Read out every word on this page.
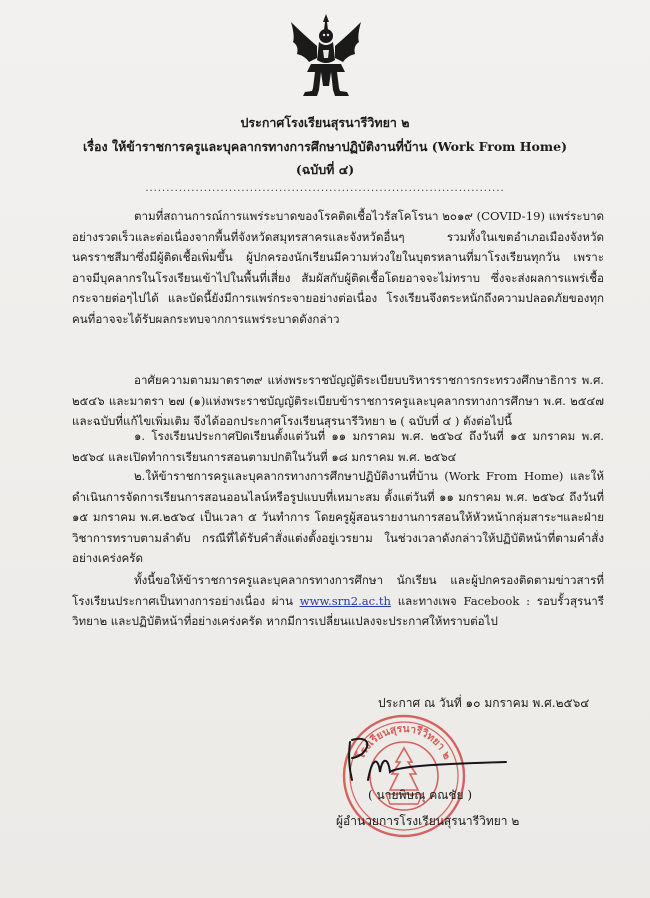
ประกาศโรงเรียนสุรนารีวิทยา ๒
เรื่อง ให้ข้าราชการครูและบุคลากรทางการศึกษาปฏิบัติงานที่บ้าน (Work From Home)
(ฉบับที่ ๔)
......................................................................................
ตามที่สถานการณ์การแพร่ระบาดของโรคติดเชื้อไวรัสโคโรนา ๒๐๑๙ (COVID-19) แพร่ระบาดอย่างรวดเร็วและต่อเนื่องจากพื้นที่จังหวัดสมุทรสาครและจังหวัดอื่นๆ รวมทั้งในเขตอำเภอเมืองจังหวัดนครราชสีมาซึ่งมีผู้ติดเชื้อเพิ่มขึ้น ผู้ปกครองนักเรียนมีความห่วงใยในบุตรหลานที่มาโรงเรียนทุกวัน เพราะอาจมีบุคลากรในโรงเรียนเข้าไปในพื้นที่เสี่ยง สัมผัสกับผู้ติดเชื้อโดยอาจจะไม่ทราบ ซึ่งจะส่งผลการแพร่เชื้อกระจายต่อๆไปได้ และบัดนี้ยังมีการแพร่กระจายอย่างต่อเนื่อง โรงเรียนจึงตระหนักถึงความปลอดภัยของทุกคนที่อาจจะได้รับผลกระทบจากการแพร่ระบาดดังกล่าว
อาศัยความตามมาตรา๓๙ แห่งพระราชบัญญัติระเบียบบริหารราชการกระทรวงศึกษาธิการ พ.ศ. ๒๕๔๖ และมาตรา ๒๗ (๑)แห่งพระราชบัญญัติระเบียบข้าราชการครูและบุคลากรทางการศึกษา พ.ศ. ๒๕๔๗ และฉบับที่แก้ไขเพิ่มเติม จึงได้ออกประกาศโรงเรียนสุรนารีวิทยา ๒ ( ฉบับที่ ๔ ) ดังต่อไปนี้
๑. โรงเรียนประกาศปิดเรียนตั้งแต่วันที่ ๑๑ มกราคม พ.ศ. ๒๕๖๔ ถึงวันที่ ๑๕ มกราคม พ.ศ. ๒๕๖๔ และเปิดทำการเรียนการสอนตามปกติในวันที่ ๑๘ มกราคม พ.ศ. ๒๕๖๔
๒.ให้ข้าราชการครูและบุคลากรทางการศึกษาปฏิบัติงานที่บ้าน (Work From Home) และให้ดำเนินการจัดการเรียนการสอนออนไลน์หรือรูปแบบที่เหมาะสม ตั้งแต่วันที่ ๑๑ มกราคม พ.ศ. ๒๕๖๔ ถึงวันที่ ๑๕ มกราคม พ.ศ.๒๕๖๔ เป็นเวลา ๕ วันทำการ โดยครูผู้สอนรายงานการสอนให้หัวหน้ากลุ่มสาระฯและฝ่ายวิชาการทราบตามลำดับ กรณีที่ได้รับคำสั่งแต่งตั้งอยู่เวรยาม ในช่วงเวลาดังกล่าวให้ปฏิบัติหน้าที่ตามคำสั่งอย่างเคร่งครัด
ทั้งนี้ขอให้ข้าราชการครูและบุคลากรทางการศึกษา นักเรียน และผู้ปกครองติดตามข่าวสารที่โรงเรียนประกาศเป็นทางการอย่างเนื่อง ผ่าน www.srn2.ac.th และทางเพจ Facebook : รอบรั้วสุรนารีวิทยา๒ และปฏิบัติหน้าที่อย่างเคร่งครัด หากมีการเปลี่ยนแปลงจะประกาศให้ทราบต่อไป
ประกาศ ณ วันที่ ๑๐ มกราคม พ.ศ.๒๕๖๔
โรงเรียนสุรนารีวิทยา ๒
( นายพิษณุ คณชัย )
ผู้อำนวยการโรงเรียนสุรนารีวิทยา ๒
